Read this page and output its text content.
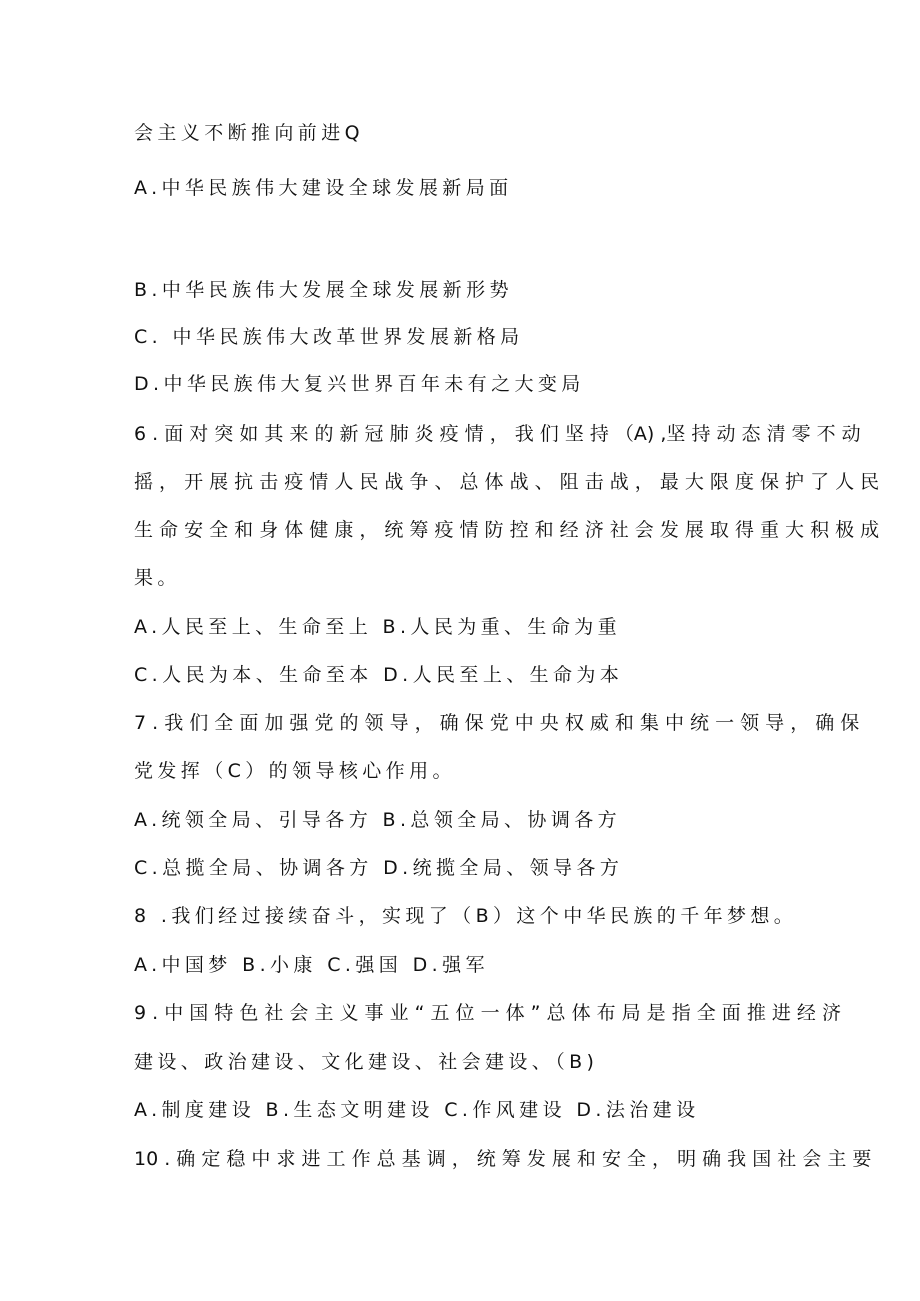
会主义不断推向前进Q
A.中华民族伟大建设全球发展新局面
B.中华民族伟大发展全球发展新形势
C. 中华民族伟大改革世界发展新格局
D.中华民族伟大复兴世界百年未有之大变局
6 . 面 对 突 如 其 来 的 新 冠 肺 炎 疫 情 ， 我 们 坚 持 （A) ,坚 持 动 态 清 零 不 动
摇 ， 开 展 抗 击 疫 情 人 民 战 争 、 总 体 战 、 阻 击 战 ， 最 大 限 度 保 护 了 人 民
生 命 安 全 和 身 体 健 康 ， 统 筹 疫 情 防 控 和 经 济 社 会 发 展 取 得 重 大 积 极 成
果。
A.人民至上、生命至上 B.人民为重、生命为重
C.人民为本、生命至本 D.人民至上、生命为本
7 . 我 们 全 面 加 强 党 的 领 导 ， 确 保 党 中 央 权 威 和 集 中 统 一 领 导 ， 确 保
党发挥（C）的领导核心作用。
A.统领全局、引导各方 B.总领全局、协调各方
C.总揽全局、协调各方 D.统揽全局、领导各方
8 .我们经过接续奋斗，实现了（B）这个中华民族的千年梦想。
A.中国梦 B.小康 C.强国 D.强军
9 . 中 国 特 色 社 会 主 义 事 业 “ 五 位 一 体 ” 总 体 布 局 是 指 全 面 推 进 经 济
建设、政治建设、文化建设、社会建设、（B)
A.制度建设 B.生态文明建设 C.作风建设 D.法治建设
10 . 确 定 稳 中 求 进 工 作 总 基 调 ， 统 筹 发 展 和 安 全 ， 明 确 我 国 社 会 主 要
